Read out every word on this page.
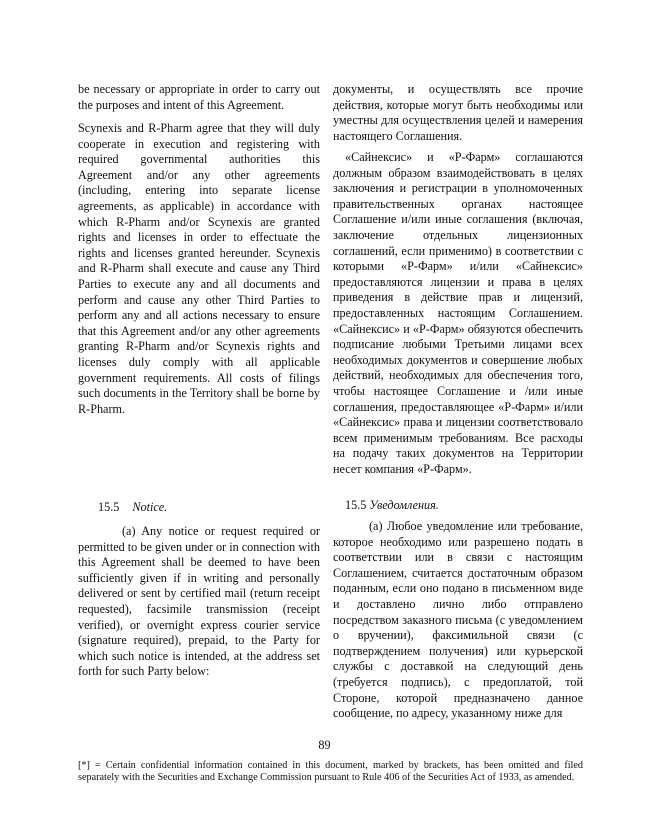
be necessary or appropriate in order to carry out the purposes and intent of this Agreement.

Scynexis and R-Pharm agree that they will duly cooperate in execution and registering with required governmental authorities this Agreement and/or any other agreements (including, entering into separate license agreements, as applicable) in accordance with which R-Pharm and/or Scynexis are granted rights and licenses in order to effectuate the rights and licenses granted hereunder. Scynexis and R-Pharm shall execute and cause any Third Parties to execute any and all documents and perform and cause any other Third Parties to perform any and all actions necessary to ensure that this Agreement and/or any other agreements granting R-Pharm and/or Scynexis rights and licenses duly comply with all applicable government requirements. All costs of filings such documents in the Territory shall be borne by R-Pharm.

15.5 Notice.

(a) Any notice or request required or permitted to be given under or in connection with this Agreement shall be deemed to have been sufficiently given if in writing and personally delivered or sent by certified mail (return receipt requested), facsimile transmission (receipt verified), or overnight express courier service (signature required), prepaid, to the Party for which such notice is intended, at the address set forth for such Party below:

документы, и осуществлять все прочие действия, которые могут быть необходимы или уместны для осуществления целей и намерения настоящего Соглашения.

«Сайнексис» и «Р-Фарм» соглашаются должным образом взаимодействовать в целях заключения и регистрации в уполномоченных правительственных органах настоящее Соглашение и/или иные соглашения (включая, заключение отдельных лицензионных соглашений, если применимо) в соответствии с которыми «Р-Фарм» и/или «Сайнексис» предоставляются лицензии и права в целях приведения в действие прав и лицензий, предоставленных настоящим Соглашением. «Сайнексис» и «Р-Фарм» обязуются обеспечить подписание любыми Третьими лицами всех необходимых документов и совершение любых действий, необходимых для обеспечения того, чтобы настоящее Соглашение и /или иные соглашения, предоставляющее «Р-Фарм» и/или «Сайнексис» права и лицензии соответствовало всем применимым требованиям. Все расходы на подачу таких документов на Территории несет компания «Р-Фарм».

15.5 Уведомления.

(a) Любое уведомление или требование, которое необходимо или разрешено подать в соответствии или в связи с настоящим Соглашением, считается достаточным образом поданным, если оно подано в письменном виде и доставлено лично либо отправлено посредством заказного письма (с уведомлением о вручении), факсимильной связи (с подтверждением получения) или курьерской службы с доставкой на следующий день (требуется подпись), с предоплатой, той Стороне, которой предназначено данное сообщение, по адресу, указанному ниже для

89
[*] = Certain confidential information contained in this document, marked by brackets, has been omitted and filed separately with the Securities and Exchange Commission pursuant to Rule 406 of the Securities Act of 1933, as amended.
